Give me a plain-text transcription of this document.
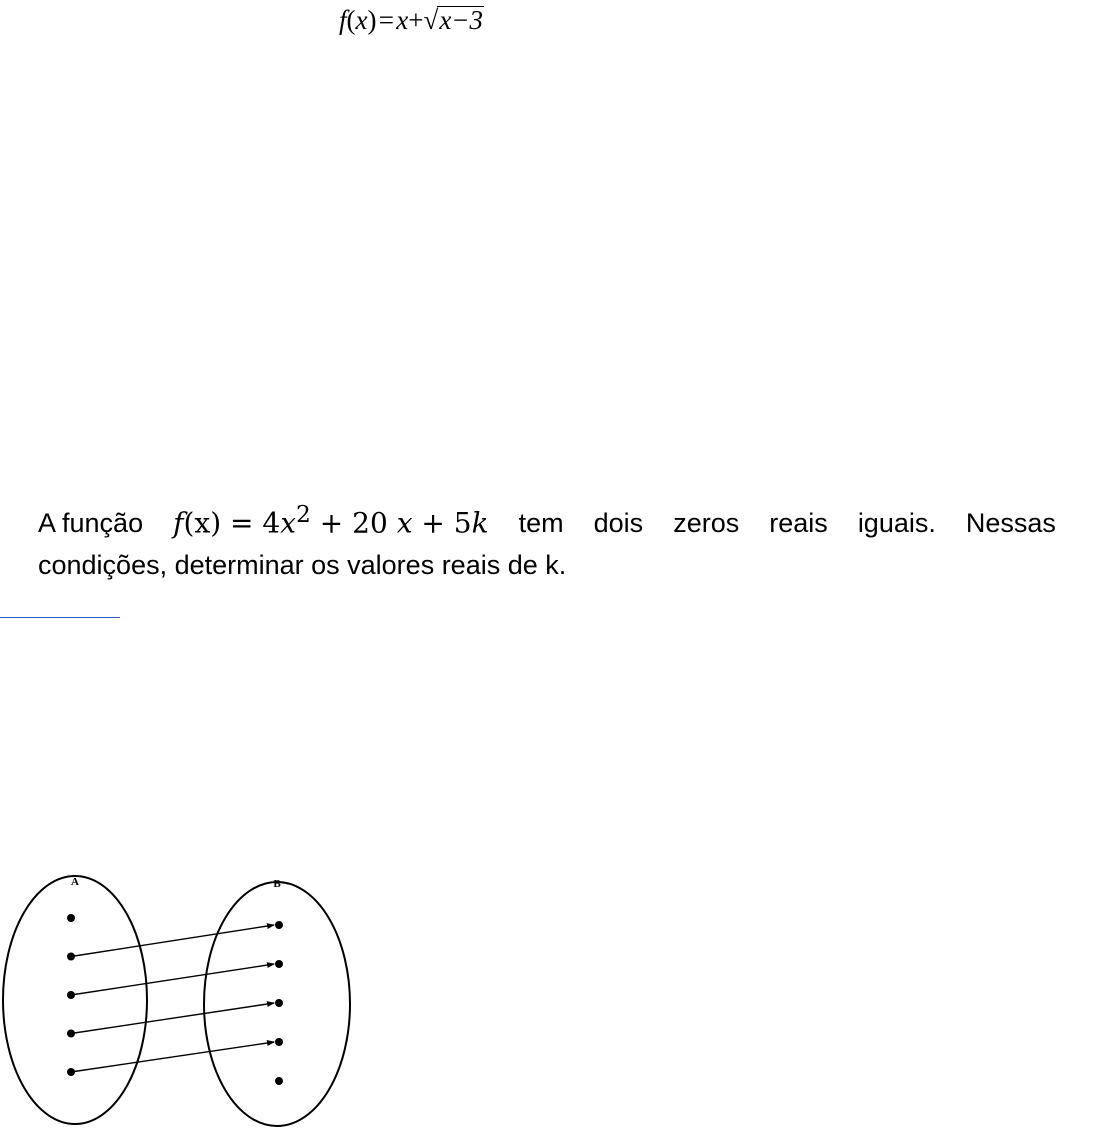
f(x) = x+√x−3
A função $f(x) = 4x^2 + 20$ x + 5k tem dois zeros reais iguais. Nessas
condições, determinar os valores reais de k.
A	B
